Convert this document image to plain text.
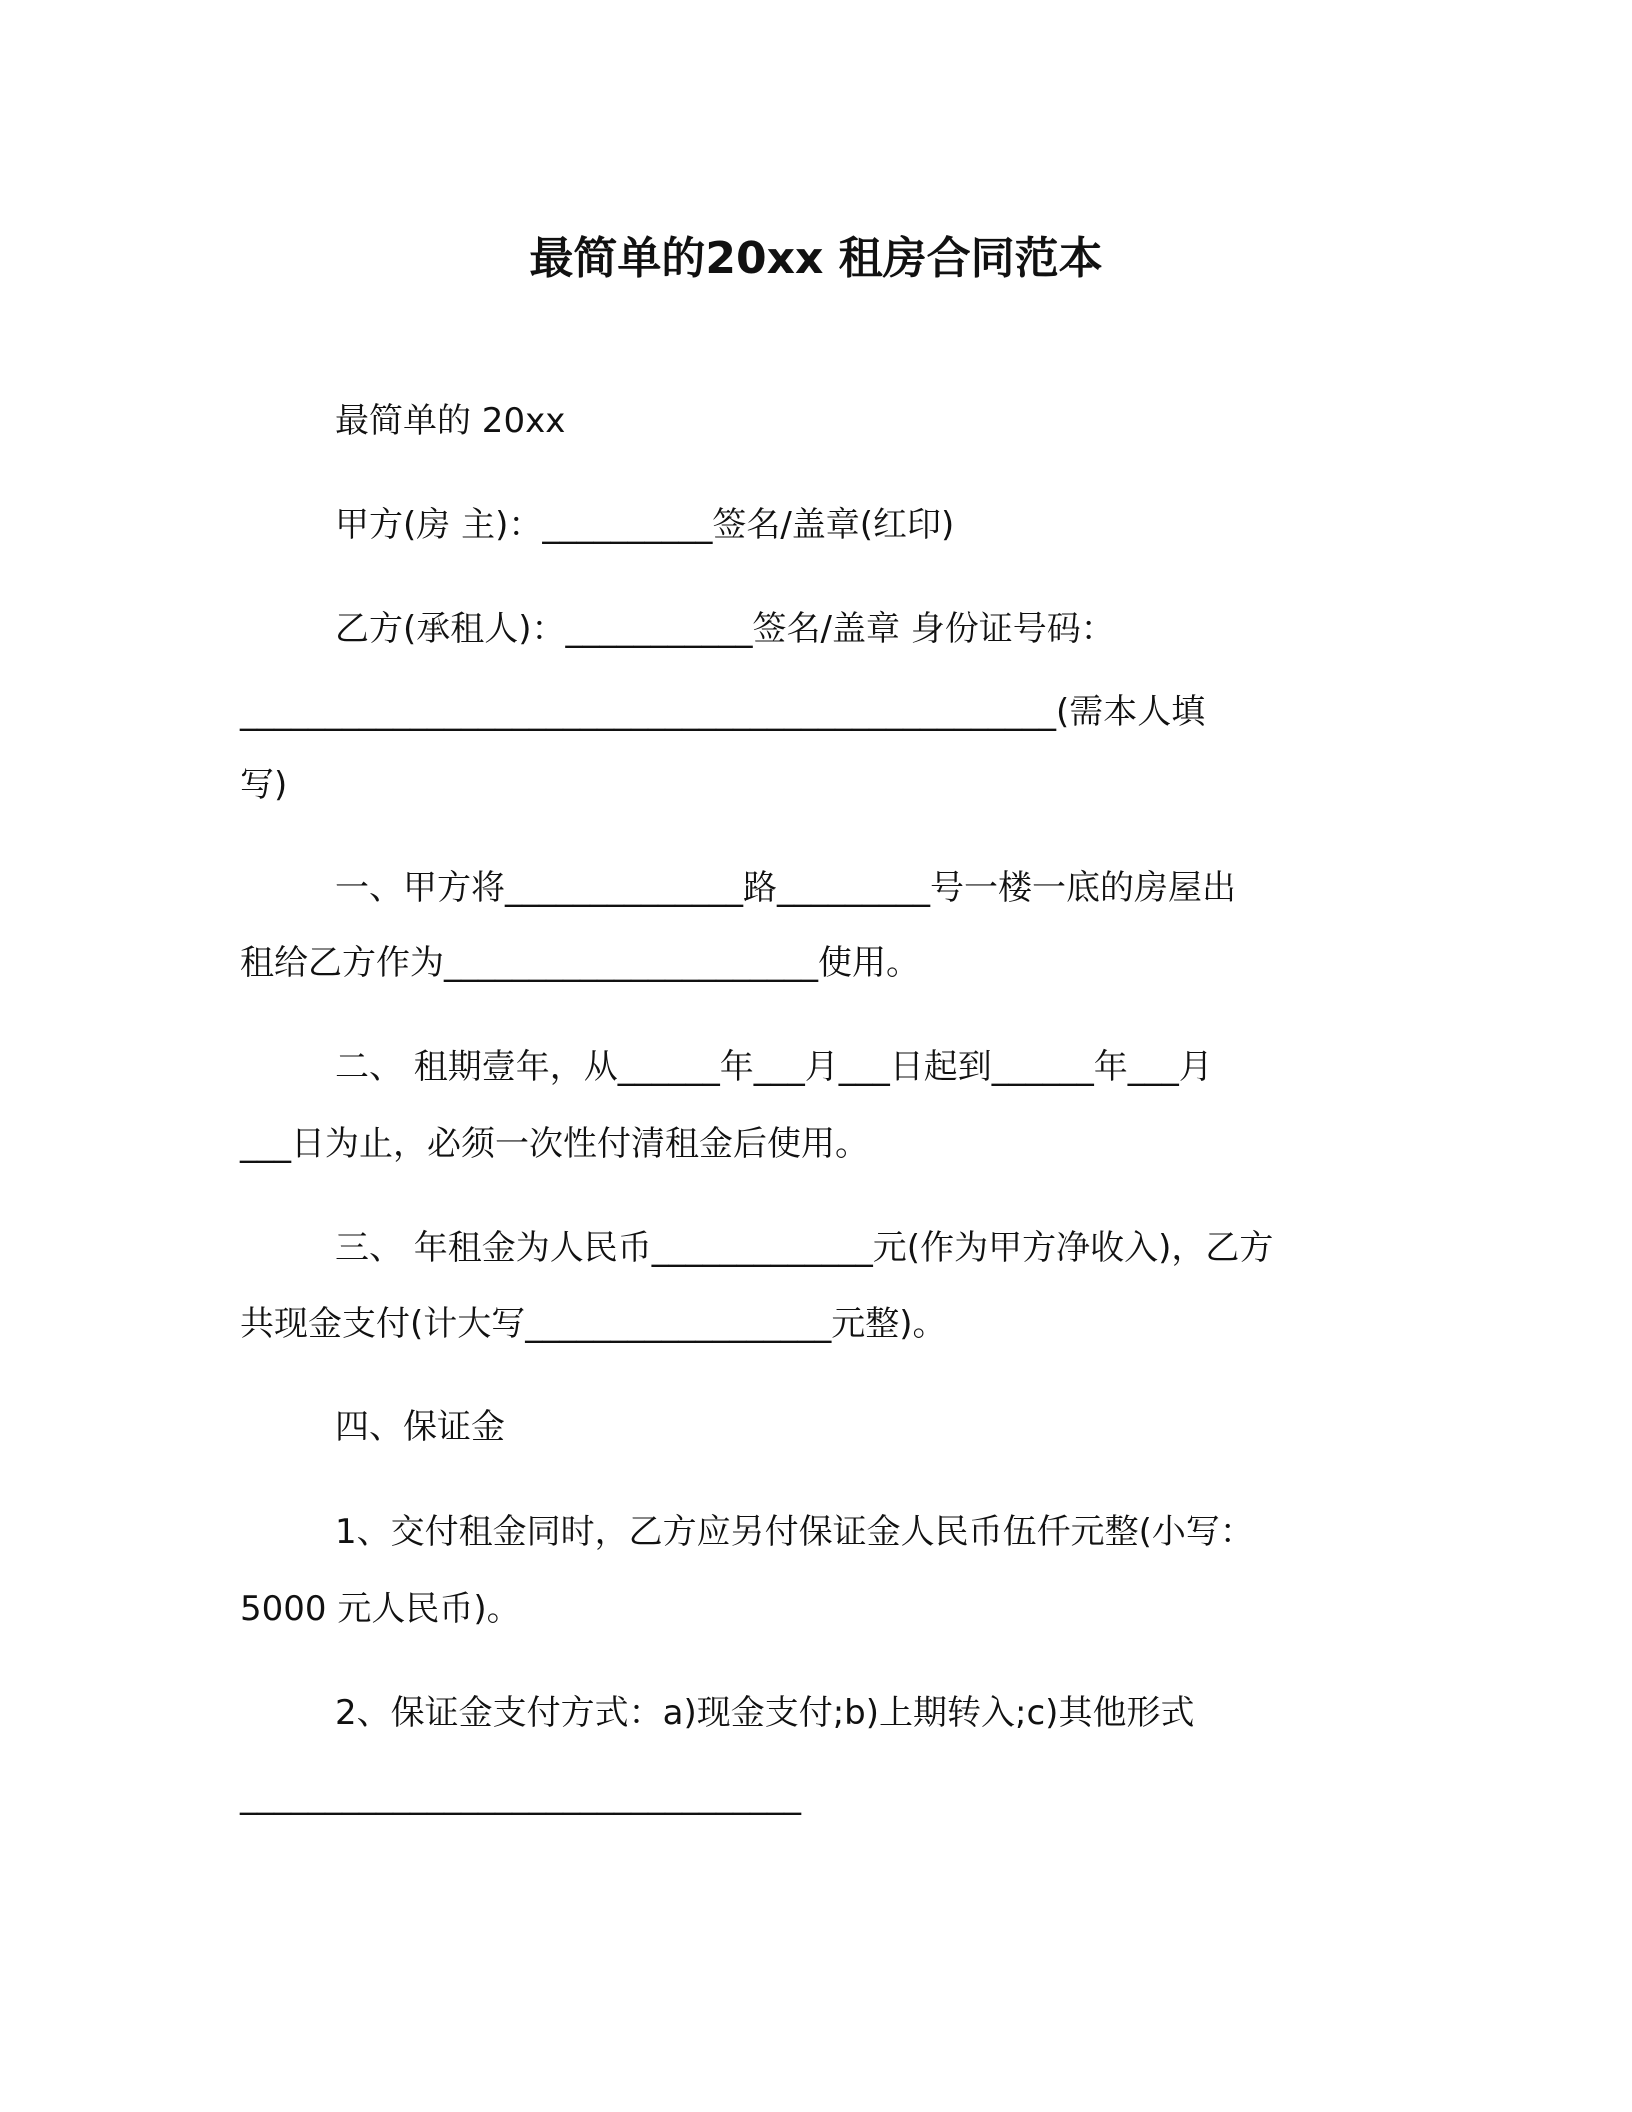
最简单的20xx 租房合同范本
最简单的 20xx
甲方(房 主)：__________签名/盖章(红印)
乙方(承租人)：___________签名/盖章 身份证号码：
________________________________________________(需本人填
写)
一、甲方将______________路_________号一楼一底的房屋出
租给乙方作为______________________使用。
二、 租期壹年，从______年___月___日起到______年___月
___日为止，必须一次性付清租金后使用。
三、 年租金为人民币_____________元(作为甲方净收入)，乙方
共现金支付(计大写__________________元整)。
四、保证金
1、交付租金同时，乙方应另付保证金人民币伍仟元整(小写：
5000 元人民币)。
2、保证金支付方式：a)现金支付;b)上期转入;c)其他形式
_________________________________
